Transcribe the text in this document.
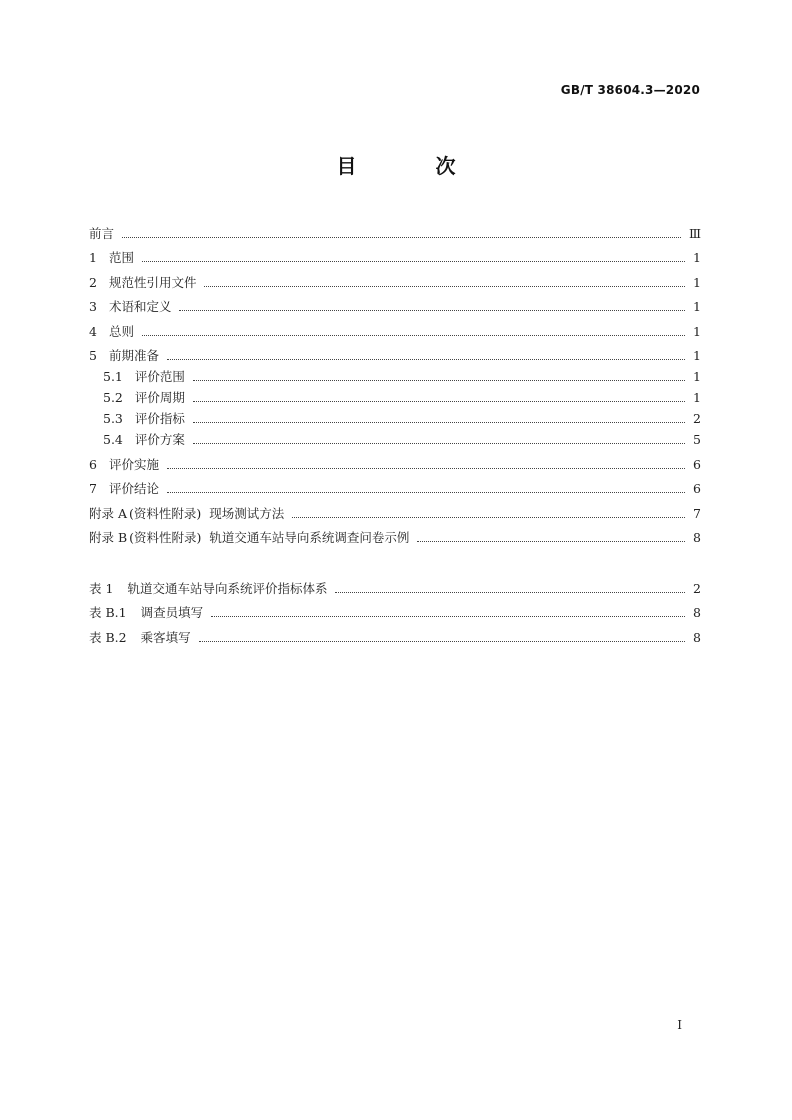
GB/T 38604.3—2020
目 次
前言	Ⅲ
1 范围	1
2 规范性引用文件	1
3 术语和定义	1
4 总则	1
5 前期准备	1
5.1 评价范围	1
5.2 评价周期	1
5.3 评价指标	2
5.4 评价方案	5
6 评价实施	6
7 评价结论	6
附录 A (资料性附录)  现场测试方法	7
附录 B (资料性附录)  轨道交通车站导向系统调查问卷示例	8
表 1 轨道交通车站导向系统评价指标体系	2
表 B.1 调查员填写	8
表 B.2 乘客填写	8
I
